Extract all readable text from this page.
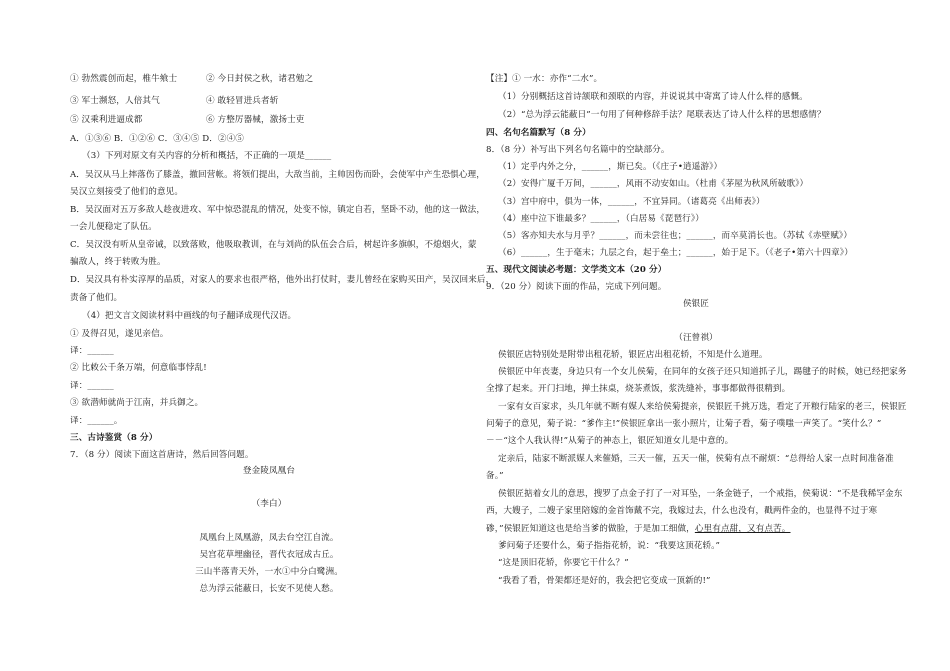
① 勃然震创而起，椎牛飨士	② 今日封侯之秋，诸君勉之
③ 军士濒怒，人倍其气	④ 敢轻冒进兵者斩
⑤ 汉乘利进逼成都	⑥ 方整厉器械，激扬士吏
A．①③⑥ B．①②⑥ C．③④⑤ D．②④⑤
（3）下列对原文有关内容的分析和概括，不正确的一项是______
A．吴汉从马上摔落伤了膝盖，撤回营帐。将领们提出，大敌当前，主帅因伤而卧，会使军中产生恐惧心理，
吴汉立刻接受了他们的意见。
B．吴汉面对五万多敌人趁夜进攻、军中惊恐混乱的情况，处变不惊，镇定自若，坚卧不动，他的这一做法，
一会儿便稳定了队伍。
C．吴汉没有听从皇帝诫，以致落败，他吸取教训，在与刘尚的队伍会合后，树起许多旗帜，不熄烟火，蒙
骗敌人，终于转败为胜。
D．吴汉具有朴实淳厚的品质，对家人的要求也很严格，他外出打仗时，妻儿曾经在家购买田产，吴汉回来后，
责备了他们。
（4）把文言文阅读材料中画线的句子翻译成现代汉语。
① 及得召见，遂见亲信。
译：______
② 比敕公千条万端，何意临事悖乱!
译：______
③ 欲潜师就尚于江南，并兵御之。
译：______。
三、古诗鉴赏（8 分）
7．（8 分）阅读下面这首唐诗，然后回答问题。
登金陵凤凰台
（李白）
凤凰台上凤凰游，凤去台空江自流。
吴宫花草埋幽径，晋代衣冠成古丘。
三山半落青天外，一水①中分白鹭洲。
总为浮云能蔽日，长安不见使人愁。
【注】① 一水：亦作“二水”。
（1）分别概括这首诗颔联和颈联的内容，并说说其中寄寓了诗人什么样的感慨。
（2）“总为浮云能蔽日”一句用了何种修辞手法？尾联表达了诗人什么样的思想感情？
四、名句名篇默写（8 分）
8．（8 分）补写出下列名句名篇中的空缺部分。
（1）定乎内外之分，______，斯已矣。（《庄子•逍遥游》）
（2）安得广厦千万间，______，风雨不动安如山。（杜甫《茅屋为秋风所破歌》）
（3）宫中府中，俱为一体，______，不宜异同。（诸葛亮《出师表》）
（4）座中泣下谁最多？______，（白居易《琵琶行》）
（5）客亦知夫水与月乎？______，而未尝往也；______，而卒莫消长也。（苏轼《赤壁赋》）
（6）______，生于毫末；九层之台，起于垒土；______，始于足下。（《老子•第六十四章》）
五、现代文阅读必考题：文学类文本（20 分）
9．（20 分）阅读下面的作品，完成下列问题。
侯银匠
（汪曾祺）
侯银匠店特别处是附带出租花轿，银匠店出租花轿，不知是什么道理。
侯银匠中年丧妻，身边只有一个女儿侯菊，在同年的女孩子还只知道抓子儿，踢毽子的时候，她已经把家务
全撑了起来。开门扫地，掸土抹桌，烧茶煮饭，浆洗缝补，事事都做得很精到。
一家有女百家求，头几年就不断有媒人来给侯菊提亲，侯银匠千挑万选，看定了开粮行陆家的老三，侯银匠
问菊子的意见，菊子说：“爹作主!”侯银匠拿出一张小照片，让菊子看，菊子噗嗤一声笑了。“笑什么？”
－－“这个人我认得!”从菊子的神态上，银匠知道女儿是中意的。
定亲后，陆家不断派媒人来催婚，三天一催，五天一催，侯菊有点不耐烦：“总得给人家一点时间准备准
备。”
侯银匠掂着女儿的意思，搜罗了点金子打了一对耳坠，一条金链子，一个戒指，侯菊说：“不是我稀罕金东
西，大嫂子，二嫂子家里陪嫁的金首饰戴不完，我嫁过去，什么也没有，戳两件金的，也显得不过于寒
碜，”侯银匠知道这也是给当爹的做脸，于是加工细做，心里有点甜，又有点苦。
爹问菊子还要什么，菊子指指花轿，说：“我要这顶花轿。”
“这是顶旧花轿，你要它干什么？”
“我看了看，骨架都还是好的，我会把它变成一顶新的!”
